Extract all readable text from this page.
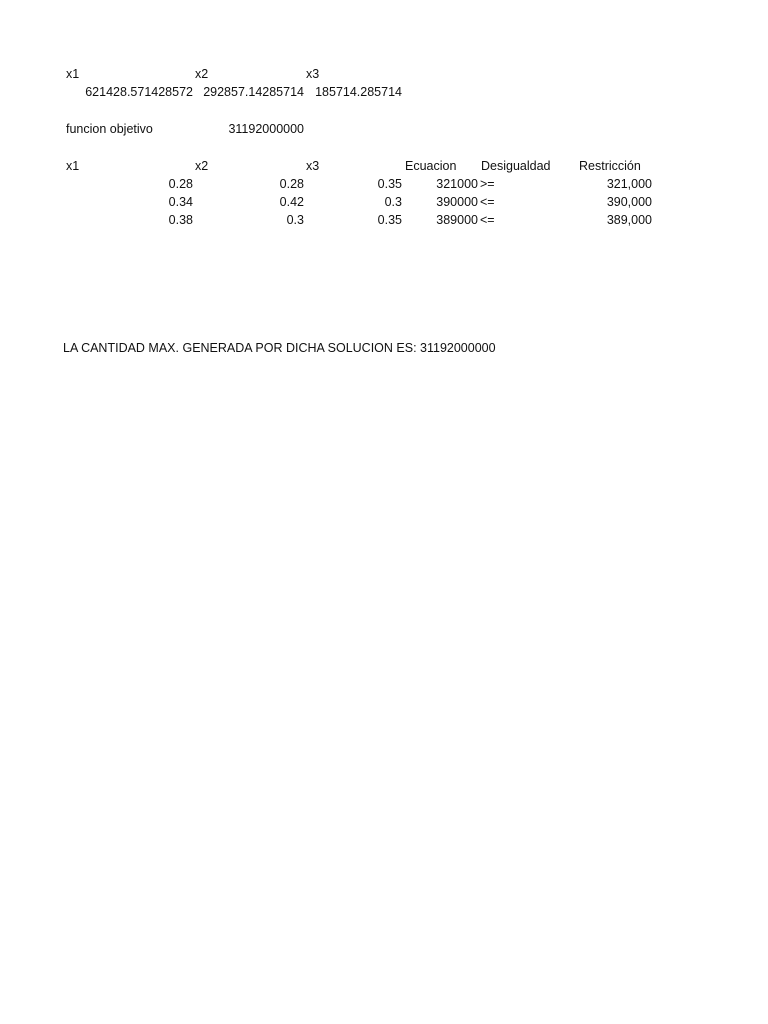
x1	x2	x3
621428.571428572 292857.14285714 185714.285714
funcion objetivo	31192000000
x1	x2	x3	Ecuacion Desigualdad Restricción
0.28	0.28	0.35	321000 >=	321,000
0.34	0.42	0.3	390000 <=	390,000
0.38	0.3	0.35	389000 <=	389,000
LA CANTIDAD MAX. GENERADA POR DICHA SOLUCION ES: 31192000000
